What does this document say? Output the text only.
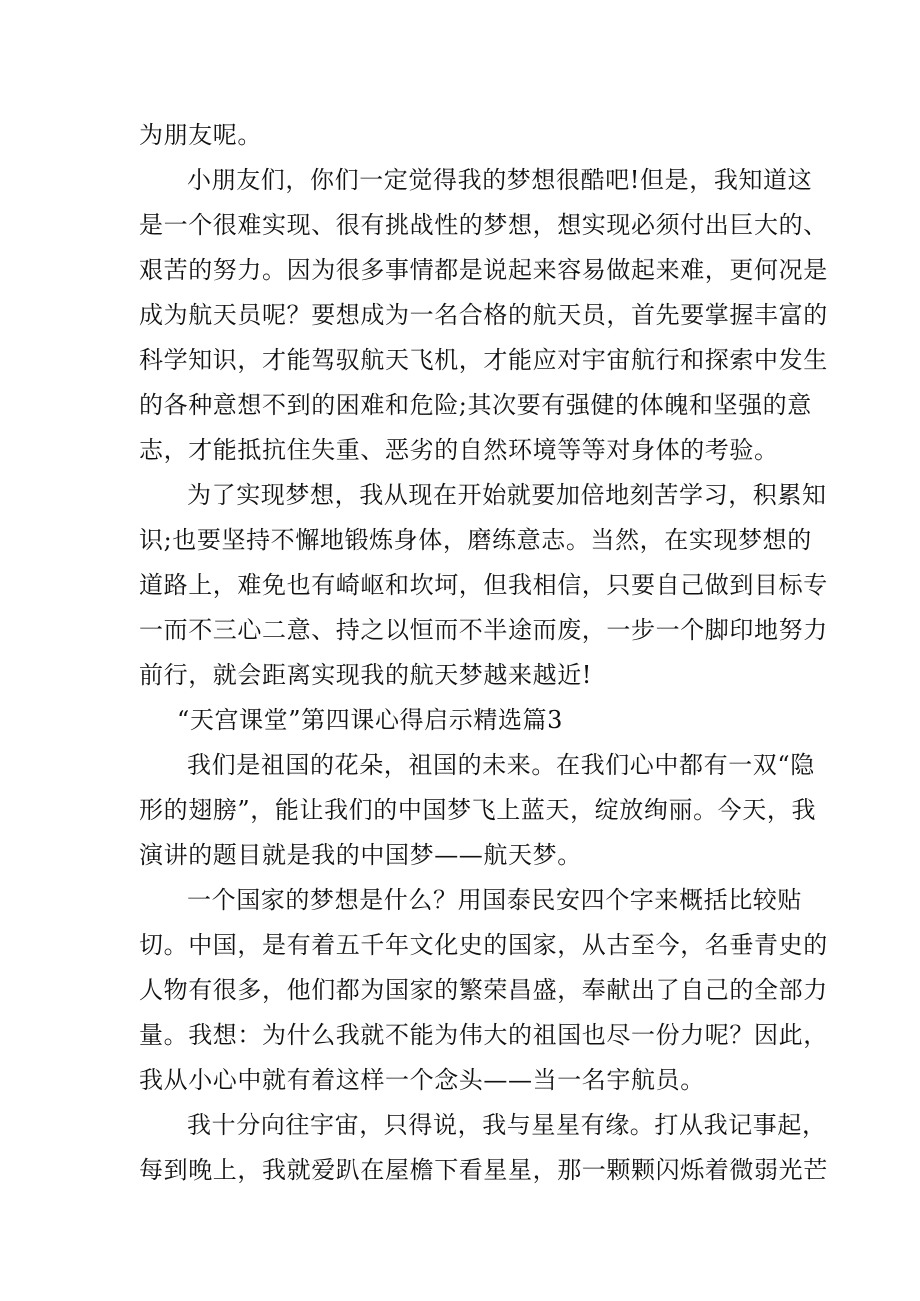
为朋友呢。
小朋友们，你们一定觉得我的梦想很酷吧!但是，我知道这
是一个很难实现、很有挑战性的梦想，想实现必须付出巨大的、
艰苦的努力。因为很多事情都是说起来容易做起来难，更何况是
成为航天员呢？要想成为一名合格的航天员，首先要掌握丰富的
科学知识，才能驾驭航天飞机，才能应对宇宙航行和探索中发生
的各种意想不到的困难和危险;其次要有强健的体魄和坚强的意
志，才能抵抗住失重、恶劣的自然环境等等对身体的考验。
为了实现梦想，我从现在开始就要加倍地刻苦学习，积累知
识;也要坚持不懈地锻炼身体，磨练意志。当然，在实现梦想的
道路上，难免也有崎岖和坎坷，但我相信，只要自己做到目标专
一而不三心二意、持之以恒而不半途而废，一步一个脚印地努力
前行，就会距离实现我的航天梦越来越近!
“天宫课堂”第四课心得启示精选篇3
我们是祖国的花朵，祖国的未来。在我们心中都有一双“隐
形的翅膀”，能让我们的中国梦飞上蓝天，绽放绚丽。今天，我
演讲的题目就是我的中国梦——航天梦。
一个国家的梦想是什么？用国泰民安四个字来概括比较贴
切。中国，是有着五千年文化史的国家，从古至今，名垂青史的
人物有很多，他们都为国家的繁荣昌盛，奉献出了自己的全部力
量。我想：为什么我就不能为伟大的祖国也尽一份力呢？因此，
我从小心中就有着这样一个念头——当一名宇航员。
我十分向往宇宙，只得说，我与星星有缘。打从我记事起，
每到晚上，我就爱趴在屋檐下看星星，那一颗颗闪烁着微弱光芒
